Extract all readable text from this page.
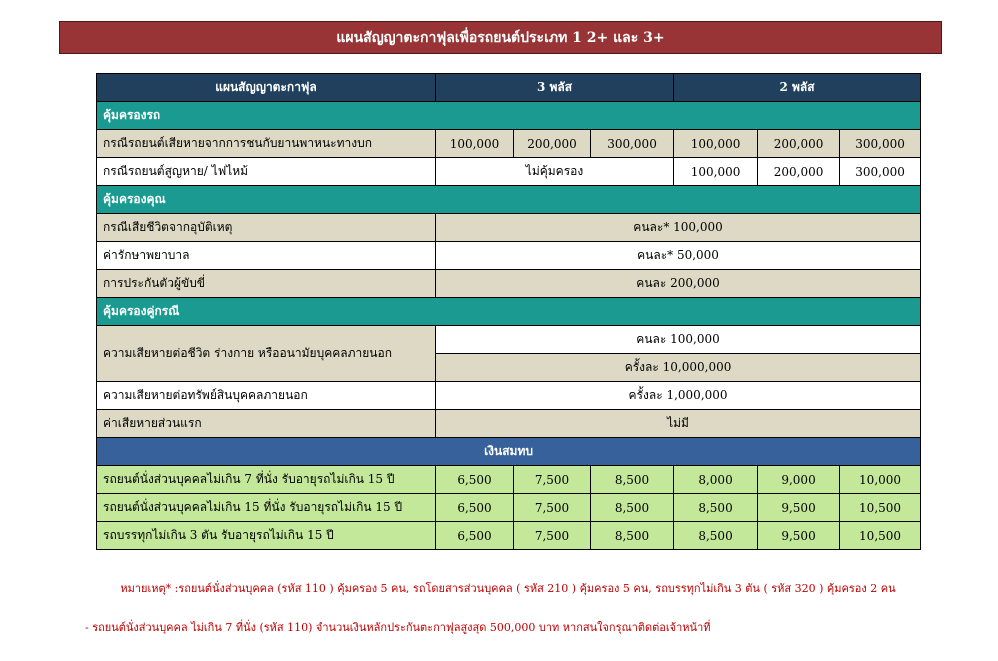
แผนสัญญาตะกาฟุลเพื่อรถยนต์ประเภท 1 2+ และ 3+
แผนสัญญาตะกาฟุล	3 พลัส			2 พลัส		
คุ้มครองรถ						
กรณีรถยนต์เสียหายจากการชนกับยานพาหนะทางบก	100,000	200,000	300,000	100,000	200,000	300,000
กรณีรถยนต์สูญหาย/ ไฟไหม้	ไม่คุ้มครอง			100,000	200,000	300,000
คุ้มครองคุณ						
กรณีเสียชีวิตจากอุบัติเหตุ	คนละ* 100,000					
ค่ารักษาพยาบาล	คนละ* 50,000					
การประกันตัวผู้ขับขี่	คนละ 200,000					
คุ้มครองคู่กรณี						
ความเสียหายต่อชีวิต ร่างกาย หรืออนามัยบุคคลภายนอก	คนละ 100,000					
	ครั้งละ 10,000,000					
ความเสียหายต่อทรัพย์สินบุคคลภายนอก	ครั้งละ 1,000,000					
ค่าเสียหายส่วนแรก	ไม่มี					
เงินสมทบ						
รถยนต์นั่งส่วนบุคคลไม่เกิน 7 ที่นั่ง รับอายุรถไม่เกิน 15 ปี	6,500	7,500	8,500	8,000	9,000	10,000
รถยนต์นั่งส่วนบุคคลไม่เกิน 15 ที่นั่ง รับอายุรถไม่เกิน 15 ปี	6,500	7,500	8,500	8,500	9,500	10,500
รถบรรทุกไม่เกิน 3 ตัน รับอายุรถไม่เกิน 15 ปี	6,500	7,500	8,500	8,500	9,500	10,500
หมายเหตุ* :รถยนต์นั่งส่วนบุคคล (รหัส 110 ) คุ้มครอง 5 คน, รถโดยสารส่วนบุคคล ( รหัส 210 ) คุ้มครอง 5 คน, รถบรรทุกไม่เกิน 3 ตัน ( รหัส 320 ) คุ้มครอง 2 คน
- รถยนต์นั่งส่วนบุคคล ไม่เกิน 7 ที่นั่ง (รหัส 110) จำนวนเงินหลักประกันตะกาฟุลสูงสุด 500,000 บาท หากสนใจกรุณาติดต่อเจ้าหน้าที่
